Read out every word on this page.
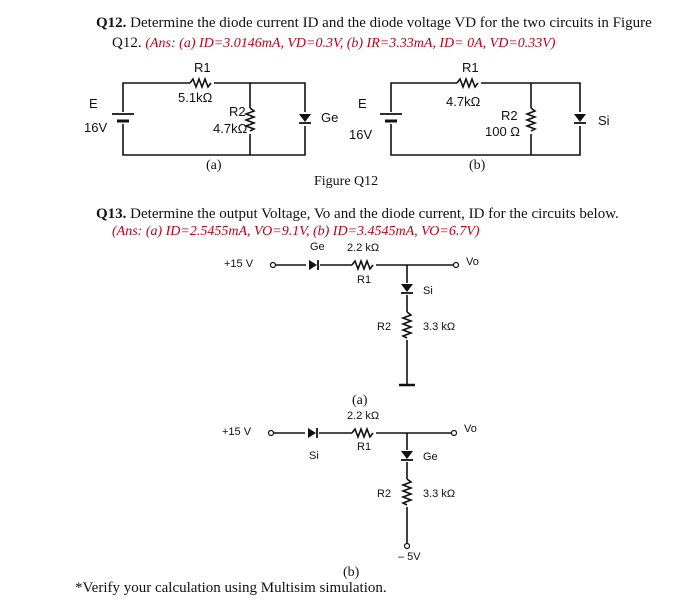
Q12. Determine the diode current ID and the diode voltage VD for the two circuits in Figure
Q12. (Ans: (a) ID=3.0146mA, VD=0.3V, (b) IR=3.33mA, ID= 0A, VD=0.33V)
R1
5.1kΩ
E
16V
R2
4.7kΩ
Ge
(a)
R1
4.7kΩ
E
16V
R2
100 Ω
Si
(b)
Figure Q12
Q13. Determine the output Voltage, Vo and the diode current, ID for the circuits below.
(Ans: (a) ID=2.5455mA, VO=9.1V, (b) ID=3.4545mA, VO=6.7V)
Ge 2.2 kΩ
+15 V
R1
Vo
Si
R2	3.3 kΩ
(a)
2.2 kΩ
+15 V	Vo
Si
R1
Ge
R2	3.3 kΩ
– 5V
(b)
*Verify your calculation using Multisim simulation.
